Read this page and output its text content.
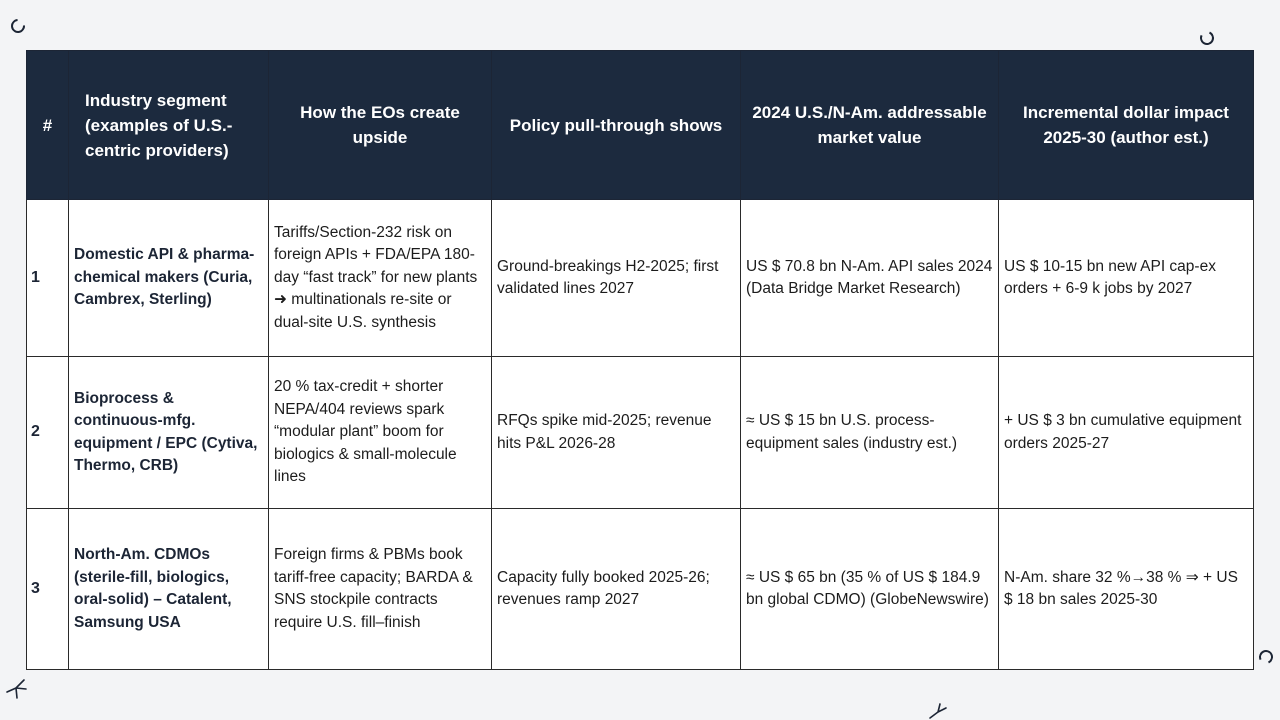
#	Industry segment (examples of U.S.-centric providers)	How the EOs create upside	Policy pull-through shows	2024 U.S./N-Am. addressable market value	Incremental dollar impact 2025-30 (author est.)
1	Domestic API & pharma-chemical makers (Curia, Cambrex, Sterling)	Tariffs/Section-232 risk on foreign APIs + FDA/EPA 180-day “fast track” for new plants ➜ multinationals re-site or dual-site U.S. synthesis	Ground-breakings H2-2025; first validated lines 2027	US $ 70.8 bn N-Am. API sales 2024 (Data Bridge Market Research)	US $ 10-15 bn new API cap-ex orders + 6-9 k jobs by 2027
2	Bioprocess & continuous-mfg. equipment / EPC (Cytiva, Thermo, CRB)	20 % tax-credit + shorter NEPA/404 reviews spark “modular plant” boom for biologics & small-molecule lines	RFQs spike mid-2025; revenue hits P&L 2026-28	≈ US $ 15 bn U.S. process-equipment sales (industry est.)	+ US $ 3 bn cumulative equipment orders 2025-27
3	North-Am. CDMOs (sterile-fill, biologics, oral-solid) – Catalent, Samsung USA	Foreign firms & PBMs book tariff-free capacity; BARDA & SNS stockpile contracts require U.S. fill–finish	Capacity fully booked 2025-26; revenues ramp 2027	≈ US $ 65 bn (35 % of US $ 184.9 bn global CDMO) (GlobeNewswire)	N-Am. share 32 %→38 % ⇒ + US $ 18 bn sales 2025-30
